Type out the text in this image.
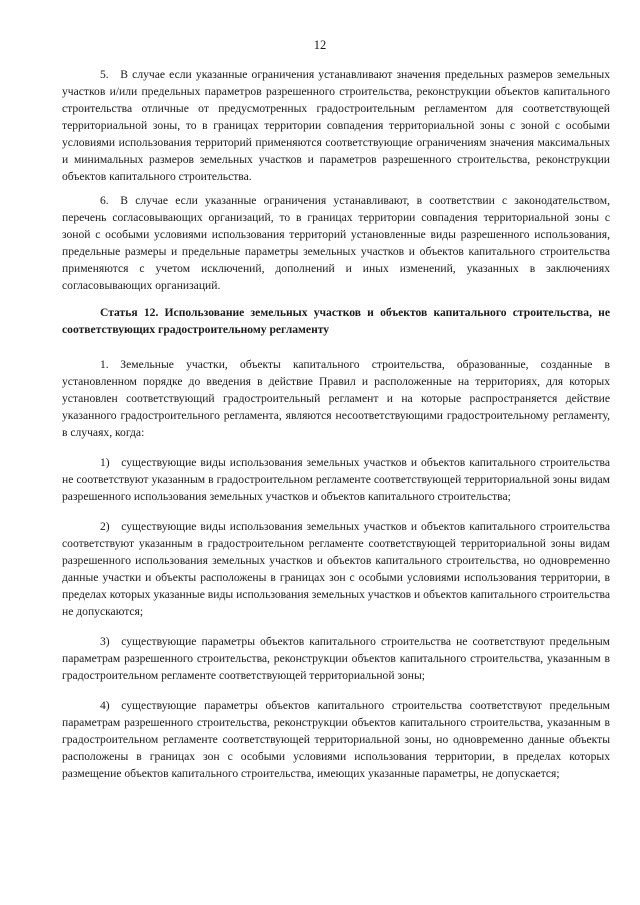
12

5. В случае если указанные ограничения устанавливают значения предельных размеров земельных участков и/или предельных параметров разрешенного строительства, реконструкции объектов капитального строительства отличные от предусмотренных градостроительным регламентом для соответствующей территориальной зоны, то в границах территории совпадения территориальной зоны с зоной с особыми условиями использования территорий применяются соответствующие ограничениям значения максимальных и минимальных размеров земельных участков и параметров разрешенного строительства, реконструкции объектов капитального строительства.

6. В случае если указанные ограничения устанавливают, в соответствии с законодательством, перечень согласовывающих организаций, то в границах территории совпадения территориальной зоны с зоной с особыми условиями использования территорий установленные виды разрешенного использования, предельные размеры и предельные параметры земельных участков и объектов капитального строительства применяются с учетом исключений, дополнений и иных изменений, указанных в заключениях согласовывающих организаций.

Статья 12. Использование земельных участков и объектов капитального строительства, не соответствующих градостроительному регламенту

1. Земельные участки, объекты капитального строительства, образованные, созданные в установленном порядке до введения в действие Правил и расположенные на территориях, для которых установлен соответствующий градостроительный регламент и на которые распространяется действие указанного градостроительного регламента, являются несоответствующими градостроительному регламенту, в случаях, когда:

1) существующие виды использования земельных участков и объектов капитального строительства не соответствуют указанным в градостроительном регламенте соответствующей территориальной зоны видам разрешенного использования земельных участков и объектов капитального строительства;

2) существующие виды использования земельных участков и объектов капитального строительства соответствуют указанным в градостроительном регламенте соответствующей территориальной зоны видам разрешенного использования земельных участков и объектов капитального строительства, но одновременно данные участки и объекты расположены в границах зон с особыми условиями использования территории, в пределах которых указанные виды использования земельных участков и объектов капитального строительства не допускаются;

3) существующие параметры объектов капитального строительства не соответствуют предельным параметрам разрешенного строительства, реконструкции объектов капитального строительства, указанным в градостроительном регламенте соответствующей территориальной зоны;

4) существующие параметры объектов капитального строительства соответствуют предельным параметрам разрешенного строительства, реконструкции объектов капитального строительства, указанным в градостроительном регламенте соответствующей территориальной зоны, но одновременно данные объекты расположены в границах зон с особыми условиями использования территории, в пределах которых размещение объектов капитального строительства, имеющих указанные параметры, не допускается;
